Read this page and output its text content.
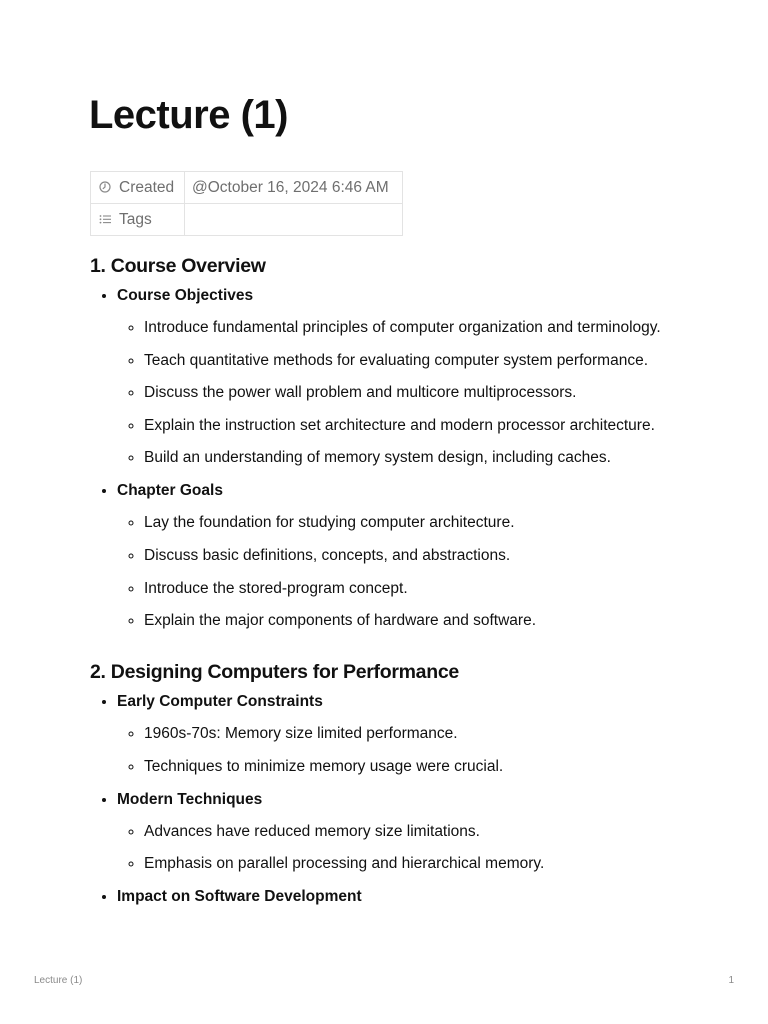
Lecture (1)
Created	@October 16, 2024 6:46 AM

Tags	
1. Course Overview
• Course Objectives
◦ Introduce fundamental principles of computer organization and terminology.
◦ Teach quantitative methods for evaluating computer system performance.
◦ Discuss the power wall problem and multicore multiprocessors.
◦ Explain the instruction set architecture and modern processor architecture.
◦ Build an understanding of memory system design, including caches.
• Chapter Goals
◦ Lay the foundation for studying computer architecture.
◦ Discuss basic definitions, concepts, and abstractions.
◦ Introduce the stored-program concept.
◦ Explain the major components of hardware and software.
2. Designing Computers for Performance
• Early Computer Constraints
◦ 1960s-70s: Memory size limited performance.
◦ Techniques to minimize memory usage were crucial.
• Modern Techniques
◦ Advances have reduced memory size limitations.
◦ Emphasis on parallel processing and hierarchical memory.
• Impact on Software Development
Lecture (1)	1
